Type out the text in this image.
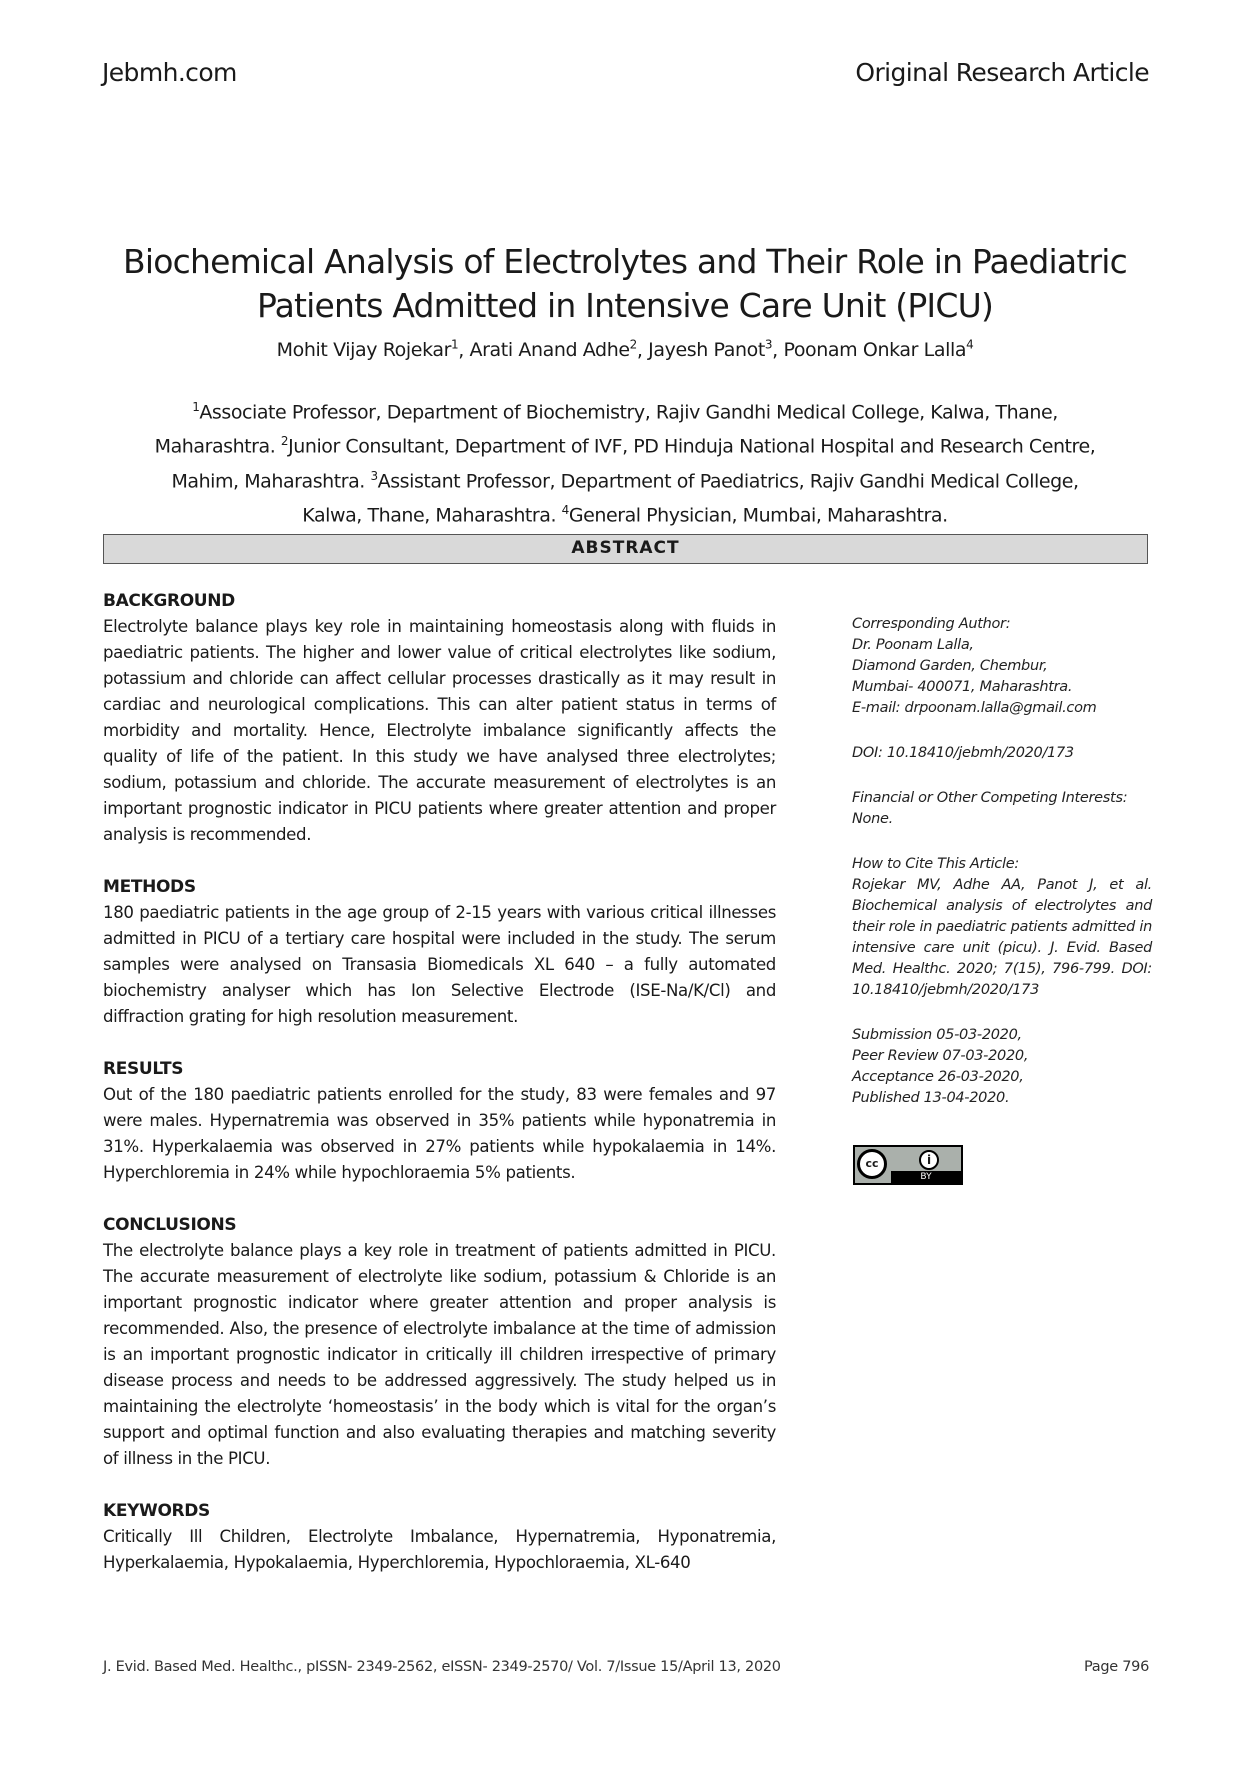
Jebmh.com	Original Research Article
Biochemical Analysis of Electrolytes and Their Role in Paediatric
Patients Admitted in Intensive Care Unit (PICU)
Mohit Vijay Rojekar$^1$, Arati Anand Adhe$^2$, Jayesh Panot$^3$, Poonam Onkar Lalla$^4$
$^1$Associate Professor, Department of Biochemistry, Rajiv Gandhi Medical College, Kalwa, Thane, Maharashtra. $^2$Junior Consultant, Department of IVF, PD Hinduja National Hospital and Research Centre, Mahim, Maharashtra. $^3$Assistant Professor, Department of Paediatrics, Rajiv Gandhi Medical College, Kalwa, Thane, Maharashtra. $^4$General Physician, Mumbai, Maharashtra.
ABSTRACT

BACKGROUND

Electrolyte balance plays key role in maintaining homeostasis along with fluids in paediatric patients. The higher and lower value of critical electrolytes like sodium, potassium and chloride can affect cellular processes drastically as it may result in cardiac and neurological complications. This can alter patient status in terms of morbidity and mortality. Hence, Electrolyte imbalance significantly affects the quality of life of the patient. In this study we have analysed three electrolytes; sodium, potassium and chloride. The accurate measurement of electrolytes is an important prognostic indicator in PICU patients where greater attention and proper analysis is recommended.

METHODS

180 paediatric patients in the age group of 2-15 years with various critical illnesses admitted in PICU of a tertiary care hospital were included in the study. The serum samples were analysed on Transasia Biomedicals XL 640 – a fully automated biochemistry analyser which has Ion Selective Electrode (ISE-Na/K/Cl) and diffraction grating for high resolution measurement.

RESULTS

Out of the 180 paediatric patients enrolled for the study, 83 were females and 97 were males. Hypernatremia was observed in 35% patients while hyponatremia in 31%. Hyperkalaemia was observed in 27% patients while hypokalaemia in 14%. Hyperchloremia in 24% while hypochloraemia 5% patients.

CONCLUSIONS

The electrolyte balance plays a key role in treatment of patients admitted in PICU. The accurate measurement of electrolyte like sodium, potassium & Chloride is an important prognostic indicator where greater attention and proper analysis is recommended. Also, the presence of electrolyte imbalance at the time of admission is an important prognostic indicator in critically ill children irrespective of primary disease process and needs to be addressed aggressively. The study helped us in maintaining the electrolyte ‘homeostasis’ in the body which is vital for the organ’s support and optimal function and also evaluating therapies and matching severity of illness in the PICU.

KEYWORDS

Critically Ill Children, Electrolyte Imbalance, Hypernatremia, Hyponatremia, Hyperkalaemia, Hypokalaemia, Hyperchloremia, Hypochloraemia, XL-640

Corresponding Author:
Dr. Poonam Lalla,
Diamond Garden, Chembur,
Mumbai- 400071, Maharashtra.
E-mail: drpoonam.lalla@gmail.com

DOI: 10.18410/jebmh/2020/173

Financial or Other Competing Interests:
None.

How to Cite This Article:
Rojekar MV, Adhe AA, Panot J, et al. Biochemical analysis of electrolytes and their role in paediatric patients admitted in intensive care unit (picu). J. Evid. Based Med. Healthc. 2020; 7(15), 796-799. DOI: 10.18410/jebmh/2020/173

Submission 05-03-2020,
Peer Review 07-03-2020,
Acceptance 26-03-2020,
Published 13-04-2020.

cc	i
BY
J. Evid. Based Med. Healthc., pISSN- 2349-2562, eISSN- 2349-2570/ Vol. 7/Issue 15/April 13, 2020	Page 796
